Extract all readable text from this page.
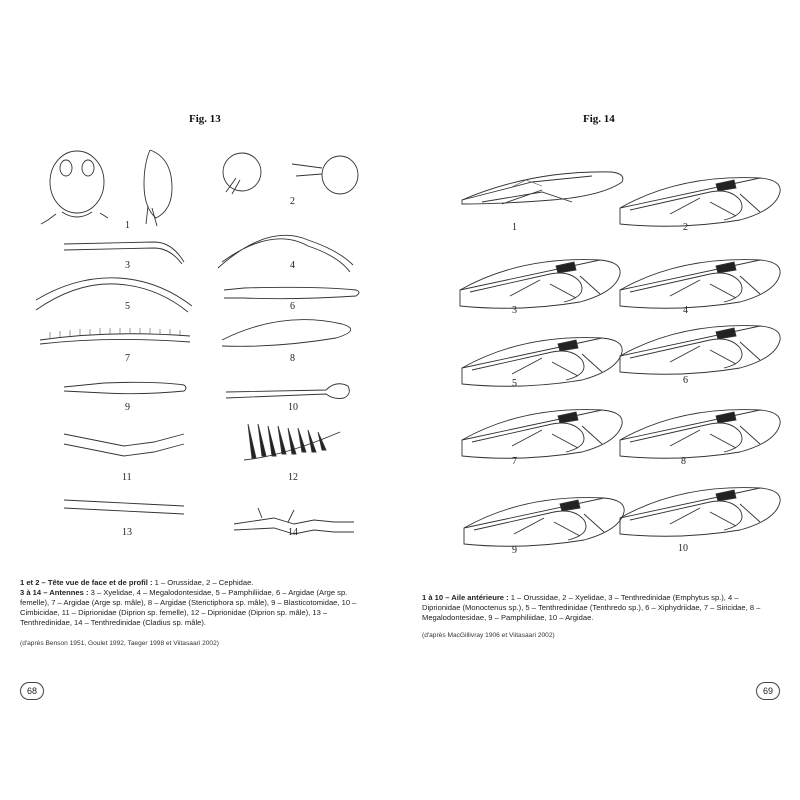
Fig. 13
1
2
3	4
5	6
7	8
9	10
11	12
13	14
1 et 2 – Tête vue de face et de profil : 1 – Orussidae, 2 – Cephidae.
3 à 14 – Antennes : 3 – Xyelidae, 4 – Megalodontesidae, 5 – Pamphiliidae, 6 – Argidae (Arge sp. femelle), 7 – Argidae (Arge sp. mâle), 8 – Argidae (Sterictiphora sp. mâle), 9 – Blasticotomidae, 10 – Cimbicidae, 11 – Diprionidae (Diprion sp. femelle), 12 – Diprionidae (Diprion sp. mâle), 13 – Tenthredinidae, 14 – Tenthredinidae (Cladius sp. mâle).
(d'après Benson 1951, Goulet 1992, Taeger 1998 et Viitasaari 2002)
68
Fig. 14
1	2
3	4
5	6
7	8
9	10
1 à 10 – Aile antérieure : 1 – Orussidae, 2 – Xyelidae, 3 – Tenthredinidae (Emphytus sp.), 4 – Diprionidae (Monoctenus sp.), 5 – Tenthredinidae (Tenthredo sp.), 6 – Xiphydriidae, 7 – Siricidae, 8 – Megalodontesidae, 9 – Pamphiliidae, 10 – Argidae.
(d'après MacGillivray 1906 et Viitasaari 2002)
69
